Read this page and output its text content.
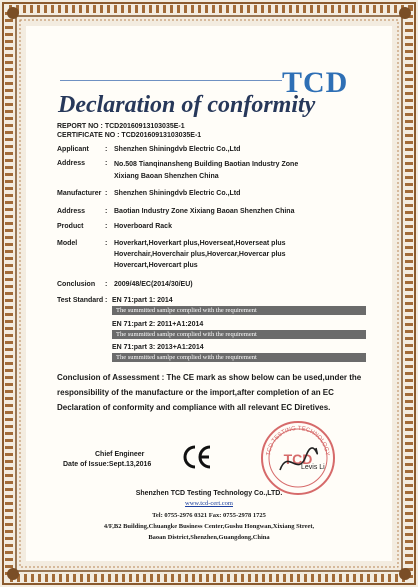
TCD
Declaration of conformity
REPORT NO : TCD20160913103035E-1
CERTIFICATE NO : TCD20160913103035E-1
Applicant : Shenzhen Shiningdvb Electric Co.,Ltd
Address	: No.508 Tianqinansheng Building Baotian Industry Zone
Xixiang Baoan Shenzhen China
Manufacturer : Shenzhen Shiningdvb Electric Co.,Ltd
Address	: Baotian Industry Zone Xixiang Baoan Shenzhen China
Product	: Hoverboard Rack
Model	: Hoverkart,Hoverkart plus,Hoverseat,Hoverseat plus
Hoverchair,Hoverchair plus,Hovercar,Hovercar plus
Hovercart,Hovercart plus
Conclusion : 2009/48/EC(2014/30/EU)
Test Standard : EN 71:part 1: 2014
The summitted samlpe complied with the requirement
EN 71:part 2: 2011+A1:2014
The summitted samlpe complied with the requirement
EN 71:part 3: 2013+A1:2014
The summitted samlpe complied with the requirement
Conclusion of Assessment : The CE mark as show below can be used,under the responsibility of the manufacture or the import,after completion of an EC Declaration of conformity and compliance with all relevant EC Diretives.
Chief Engineer
Date of Issue:Sept.13,2016
TCD TESTING TECHNOLOGY
TCD
Levis Li
Shenzhen TCD Testing Technology Co.,LTD.
www.tcd-cert.com
Tel: 0755-2976 0321 Fax: 0755-2978 1725
4/F,B2 Building,Chuangke Business Center,Gushu Hongwan,Xixiang Street,
Baoan District,Shenzhen,Guangdong,China
